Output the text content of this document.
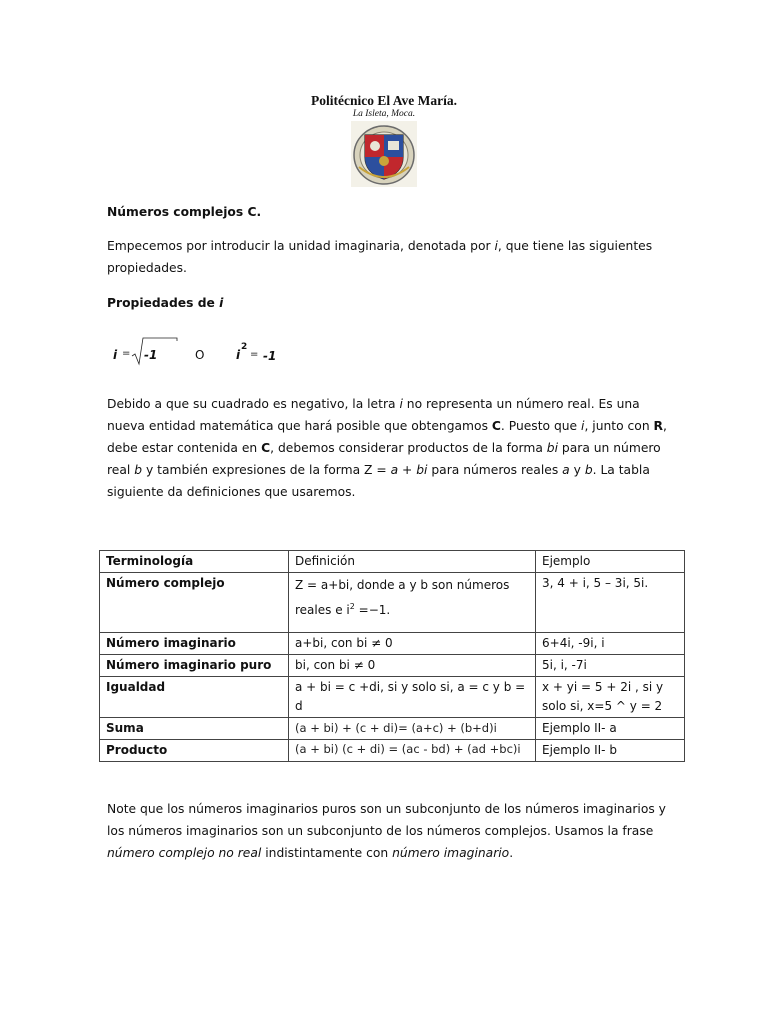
Politécnico El Ave María.
La Isleta, Moca.
Números complejos C.
Empecemos por introducir la unidad imaginaria, denotada por i, que tiene las siguientes propiedades.
Propiedades de i
i = -1	O	i
2
= -1
Debido a que su cuadrado es negativo, la letra i no representa un número real. Es una nueva entidad matemática que hará posible que obtengamos C. Puesto que i, junto con R, debe estar contenida en C, debemos considerar productos de la forma bi para un número real b y también expresiones de la forma Z = a + bi para números reales a y b. La tabla siguiente da definiciones que usaremos.
Terminología	Definición	Ejemplo
Número complejo	Z = a+bi, donde a y b son números reales e $i^2 =-1$.	3, 4 + i, 5 – 3i, 5i.
Número imaginario	a+bi, con bi ≠ 0	6+4i, -9i, i
Número imaginario puro	bi, con bi ≠ 0	5i, i, -7i
Igualdad	a + bi = c +di, si y solo si, a = c y b = d	x + yi = 5 + 2i , si y solo si, x=5 ^ y = 2
Suma	(a + bi) + (c + di)= (a+c) + (b+d)i	Ejemplo II- a
Producto	(a + bi) (c + di) = (ac - bd) + (ad +bc)i	Ejemplo II- b
Note que los números imaginarios puros son un subconjunto de los números imaginarios y los números imaginarios son un subconjunto de los números complejos. Usamos la frase número complejo no real indistintamente con número imaginario.
